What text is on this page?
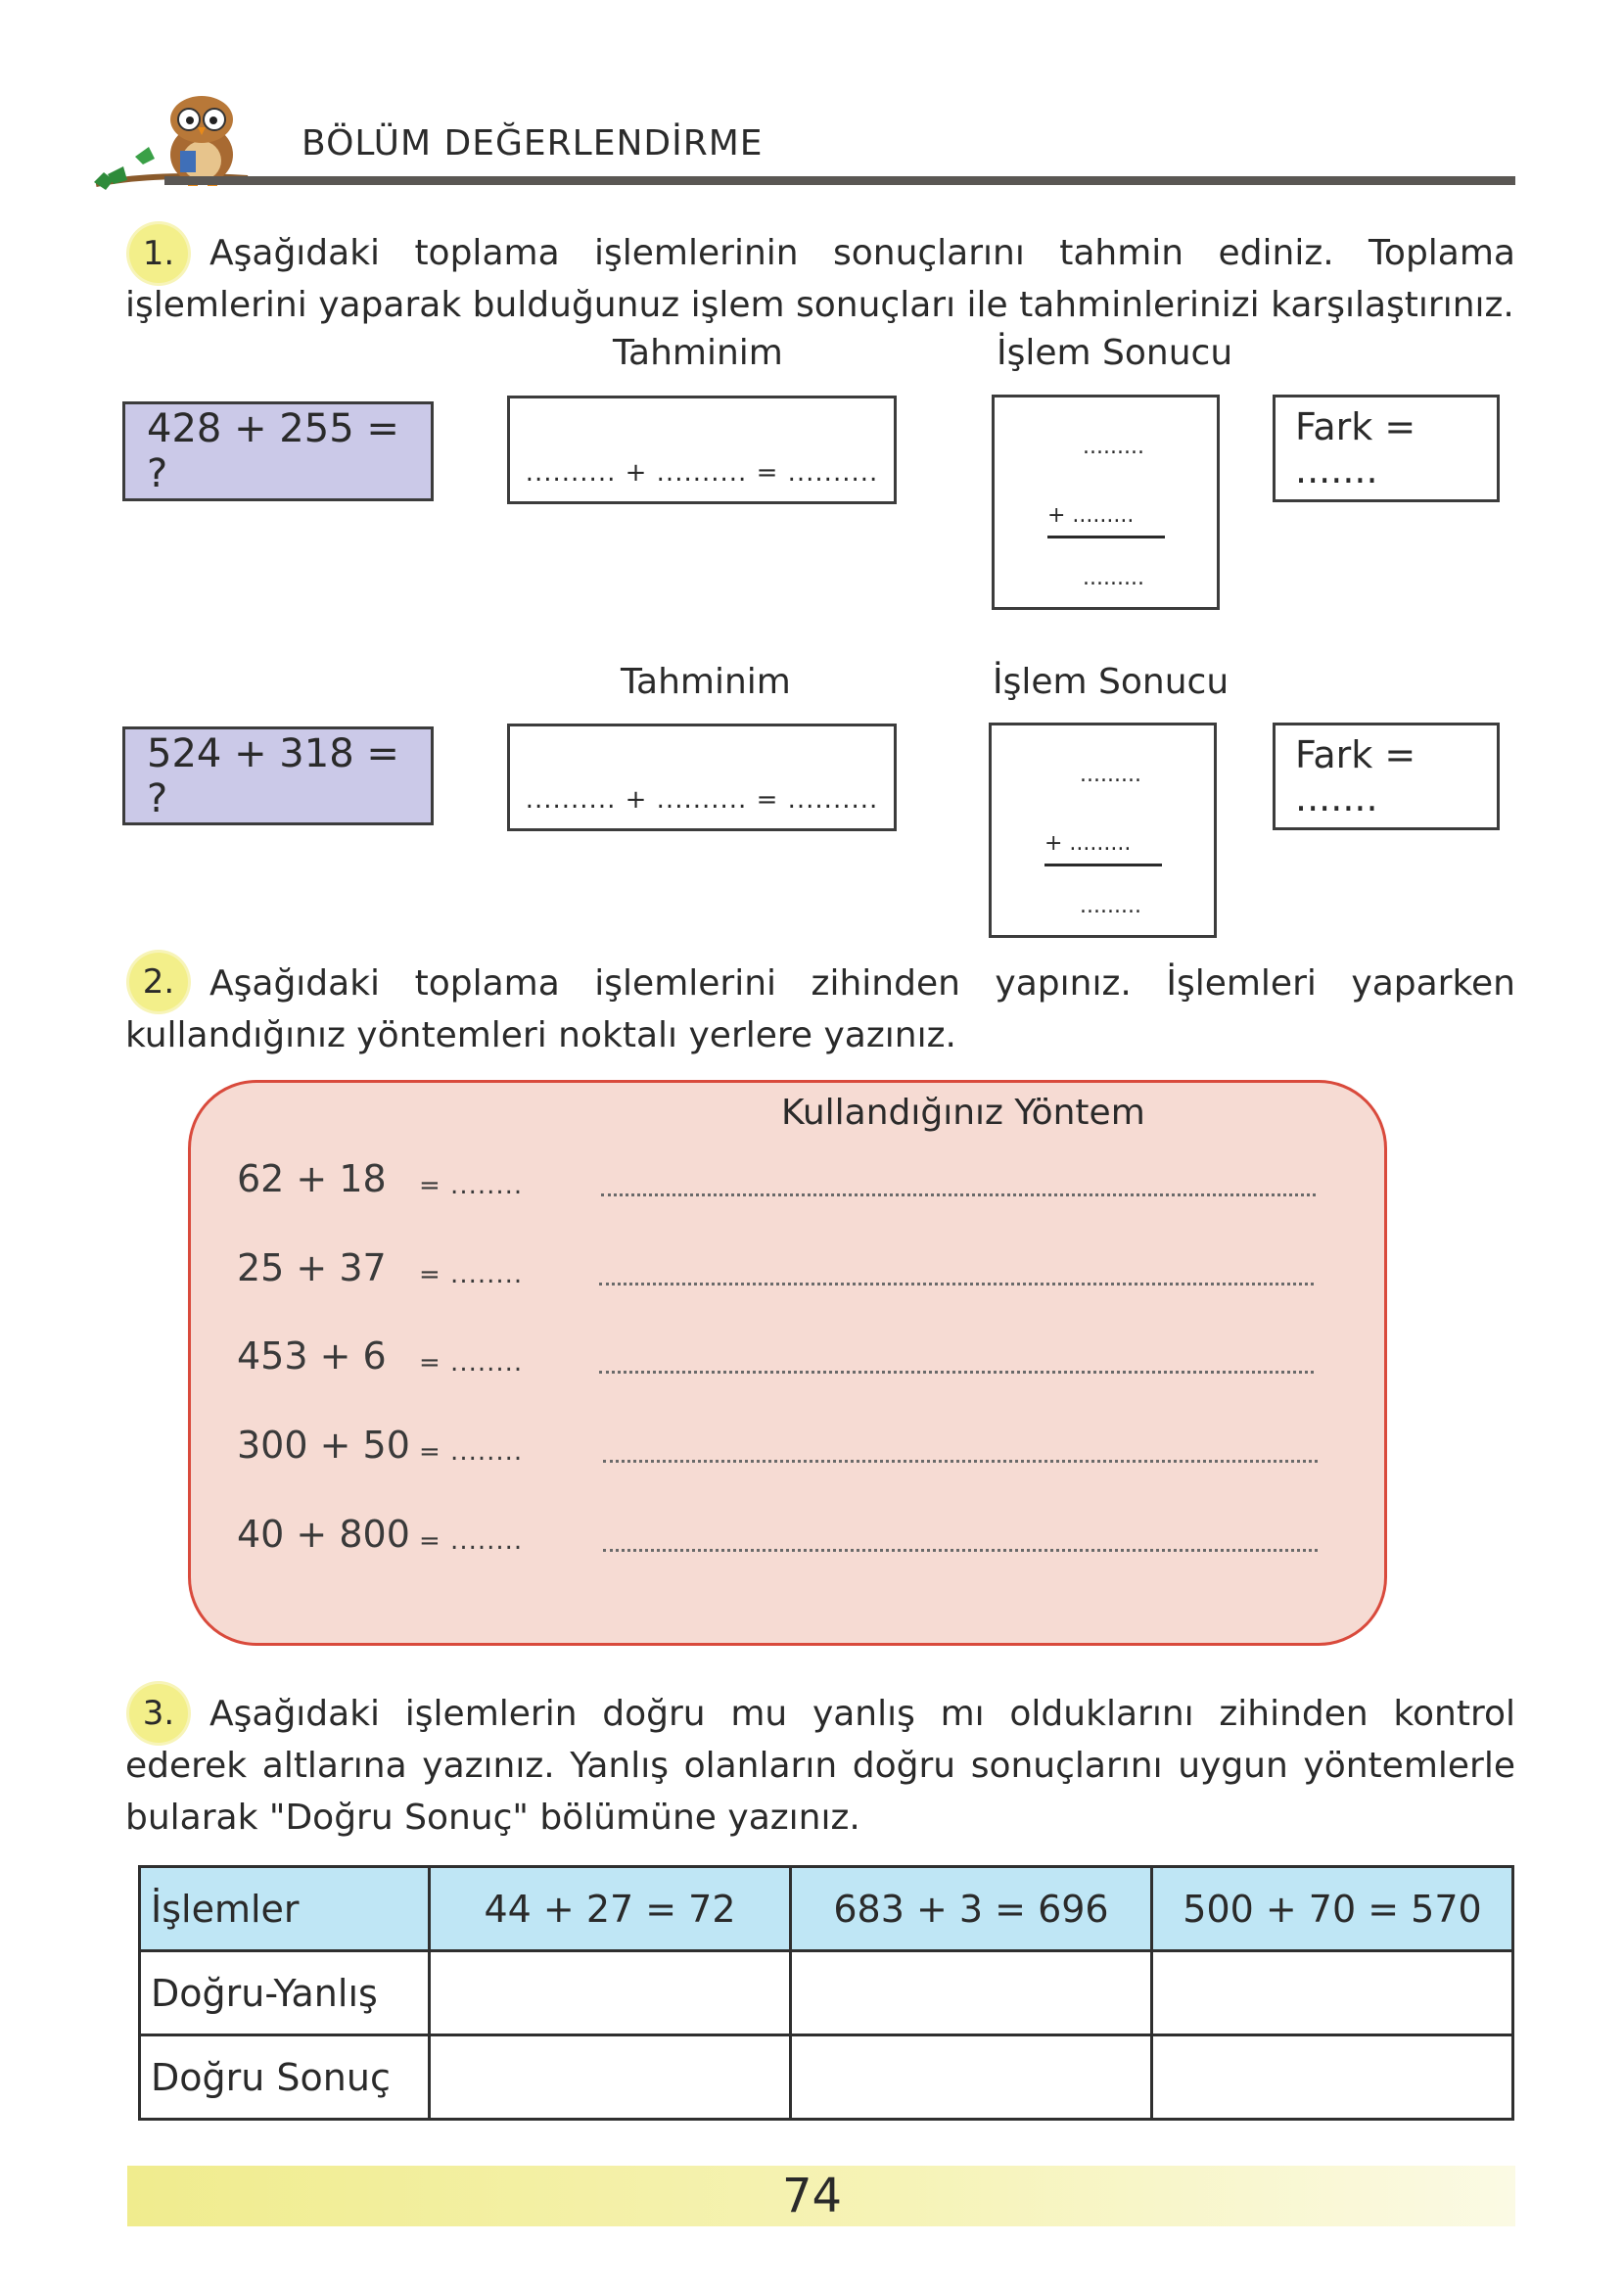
BÖLÜM DEĞERLENDİRME
1. Aşağıdaki toplama işlemlerinin sonuçlarını tahmin ediniz. Toplama işlemlerini yaparak bulduğunuz işlem sonuçları ile tahminlerinizi karşılaştırınız.
Tahminim	İşlem Sonucu
428 + 255 = ?	.......... + .......... = ..........
.........
+ .........
.........
Fark = .......
Tahminim	İşlem Sonucu
524 + 318 = ?	.......... + .......... = ..........
.........
+ .........
.........
Fark = .......
2. Aşağıdaki toplama işlemlerini zihinden yapınız. İşlemleri yaparken kullandığınız yöntemleri noktalı yerlere yazınız.
Kullandığınız Yöntem
62 + 18 = ........
25 + 37 = ........
453 + 6 = ........
300 + 50 = ........
40 + 800 = ........
3. Aşağıdaki işlemlerin doğru mu yanlış mı olduklarını zihinden kontrol ederek altlarına yazınız. Yanlış olanların doğru sonuçlarını uygun yöntemlerle bularak "Doğru Sonuç" bölümüne yazınız.
İşlemler	44 + 27 = 72	683 + 3 = 696	500 + 70 = 570
Doğru-Yanlış			
Doğru Sonuç			
74
